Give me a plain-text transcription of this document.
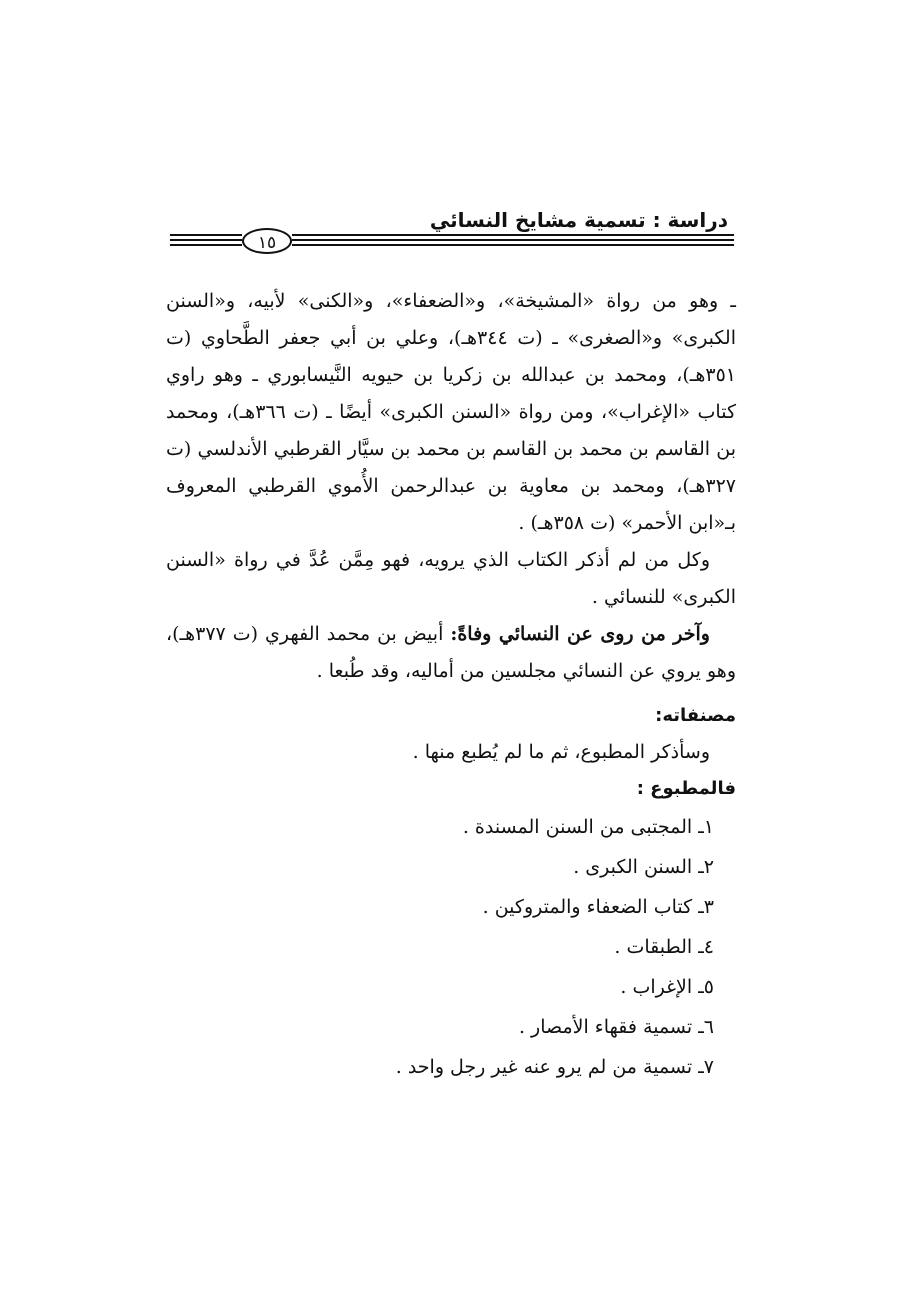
دراسة : تسمية مشايخ النسائي
١٥

ـ وهو من رواة «المشيخة»، و«الضعفاء»، و«الكنى» لأبيه، و«السنن الكبرى» و«الصغرى» ـ (ت ٣٤٤هـ)، وعلي بن أبي جعفر الطَّحاوي (ت ٣٥١هـ)، ومحمد بن عبدالله بن زكريا بن حيويه النَّيسابوري ـ وهو راوي كتاب «الإغراب»، ومن رواة «السنن الكبرى» أيضًا ـ (ت ٣٦٦هـ)، ومحمد بن القاسم بن محمد بن القاسم بن محمد بن سيَّار القرطبي الأندلسي (ت ٣٢٧هـ)، ومحمد بن معاوية بن عبدالرحمن الأُموي القرطبي المعروف بـ«ابن الأحمر» (ت ٣٥٨هـ) .

وكل من لم أذكر الكتاب الذي يرويه، فهو مِمَّن عُدَّ في رواة «السنن الكبرى» للنسائي .

وآخر من روى عن النسائي وفاةً: أبيض بن محمد الفهري (ت ٣٧٧هـ)، وهو يروي عن النسائي مجلسين من أماليه، وقد طُبعا .

مصنفاته:

وسأذكر المطبوع، ثم ما لم يُطبع منها .

فالمطبوع :
١ـ المجتبى من السنن المسندة .
٢ـ السنن الكبرى .
٣ـ كتاب الضعفاء والمتروكين .
٤ـ الطبقات .
٥ـ الإغراب .
٦ـ تسمية فقهاء الأمصار .
٧ـ تسمية من لم يرو عنه غير رجل واحد .
